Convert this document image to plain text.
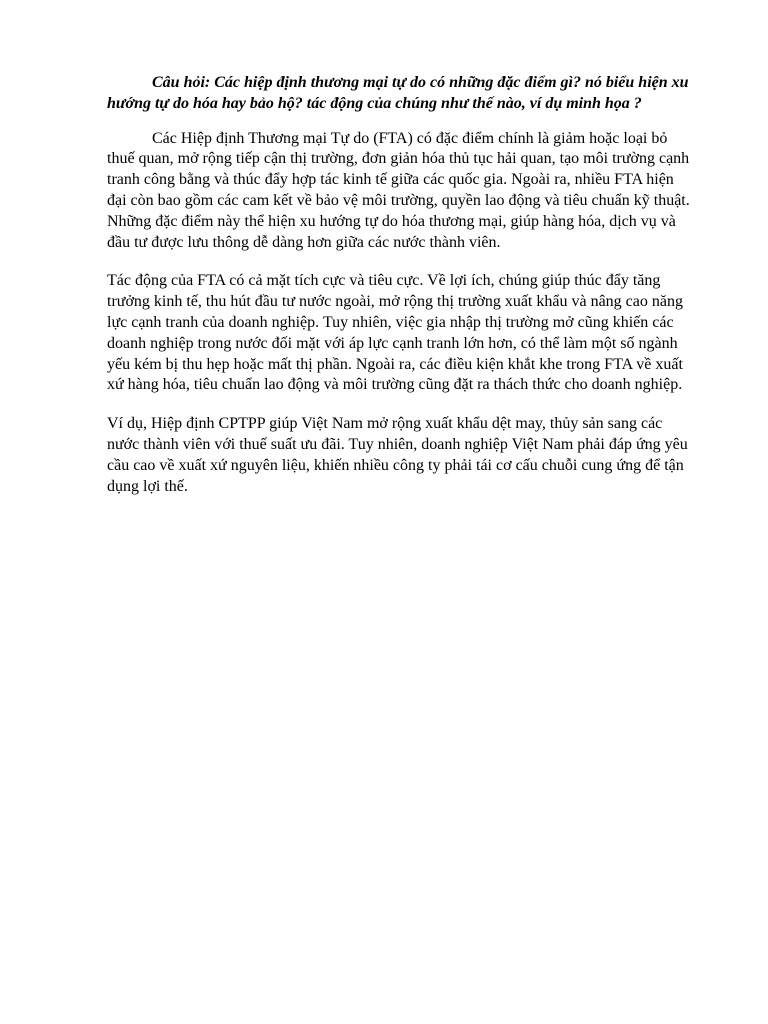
Câu hỏi: Các hiệp định thương mại tự do có những đặc điểm gì? nó biểu hiện xu hướng tự do hóa hay bảo hộ? tác động của chúng như thế nào, ví dụ minh họa ?

Các Hiệp định Thương mại Tự do (FTA) có đặc điểm chính là giảm hoặc loại bỏ thuế quan, mở rộng tiếp cận thị trường, đơn giản hóa thủ tục hải quan, tạo môi trường cạnh tranh công bằng và thúc đẩy hợp tác kinh tế giữa các quốc gia. Ngoài ra, nhiều FTA hiện đại còn bao gồm các cam kết về bảo vệ môi trường, quyền lao động và tiêu chuẩn kỹ thuật. Những đặc điểm này thể hiện xu hướng tự do hóa thương mại, giúp hàng hóa, dịch vụ và đầu tư được lưu thông dễ dàng hơn giữa các nước thành viên.

Tác động của FTA có cả mặt tích cực và tiêu cực. Về lợi ích, chúng giúp thúc đẩy tăng trưởng kinh tế, thu hút đầu tư nước ngoài, mở rộng thị trường xuất khẩu và nâng cao năng lực cạnh tranh của doanh nghiệp. Tuy nhiên, việc gia nhập thị trường mở cũng khiến các doanh nghiệp trong nước đối mặt với áp lực cạnh tranh lớn hơn, có thể làm một số ngành yếu kém bị thu hẹp hoặc mất thị phần. Ngoài ra, các điều kiện khắt khe trong FTA về xuất xứ hàng hóa, tiêu chuẩn lao động và môi trường cũng đặt ra thách thức cho doanh nghiệp.

Ví dụ, Hiệp định CPTPP giúp Việt Nam mở rộng xuất khẩu dệt may, thủy sản sang các nước thành viên với thuế suất ưu đãi. Tuy nhiên, doanh nghiệp Việt Nam phải đáp ứng yêu cầu cao về xuất xứ nguyên liệu, khiến nhiều công ty phải tái cơ cấu chuỗi cung ứng để tận dụng lợi thế.
